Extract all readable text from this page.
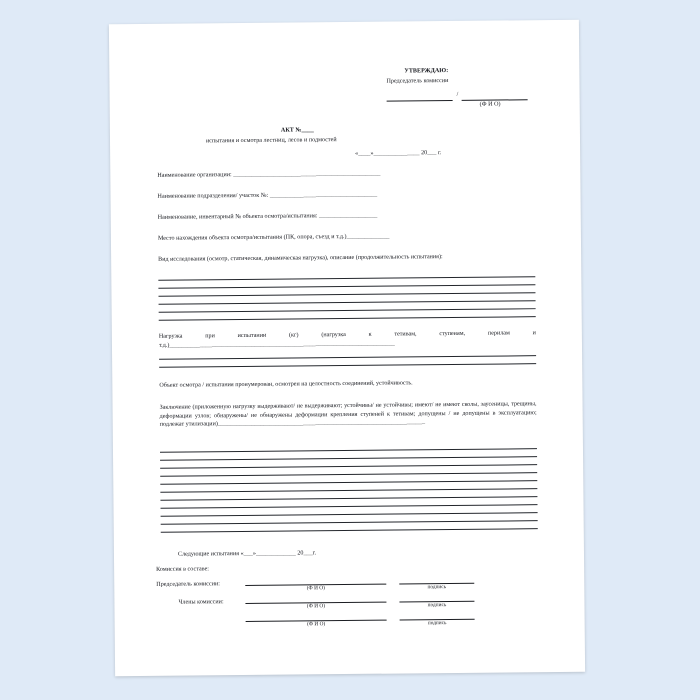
УТВЕРЖДАЮ:
Председатель комиссии
/
(Ф И О)
АКТ №____
испытания и осмотра лестниц, лесов и подмостей
«____»_______________ 20___ г.
Наименование организации: ________________________________________________
Наименование подразделения/ участок №: ___________________________________
Наименование, инвентарный № объекта осмотра/испытания: ___________________
Место нахождения объекта осмотра/испытания (ПК, опора, съезд и т.д.)______________
Вид исследования (осмотр, статическая, динамическая нагрузка), описание (продолжительность испытания):
Нагрузка при испытании (кг) (нагрузка к тетивам, ступеням, перилам и т.д.)__________________________________________________________________________
Объект осмотра / испытания пронумерован, осмотрен на целостность соединений, устойчивость.
Заключение (приложенную нагрузку выдерживают/ не выдерживают; устойчивы/ не устойчивы; имеют/ не имеют сколы, заусеницы, трещины, деформации узлов; обнаружены/ не обнаружены деформации крепления ступеней к тетивам; допущены / не допущены в эксплуатацию; подлежат утилизации)____________________________________________________________________
Следующие испытания «___»_____________ 20___г.
Комиссия в составе:
Председатель комиссии:
(Ф И О)	подпись
Члены комиссии:
(Ф И О)	подпись
(Ф И О)	подпись
